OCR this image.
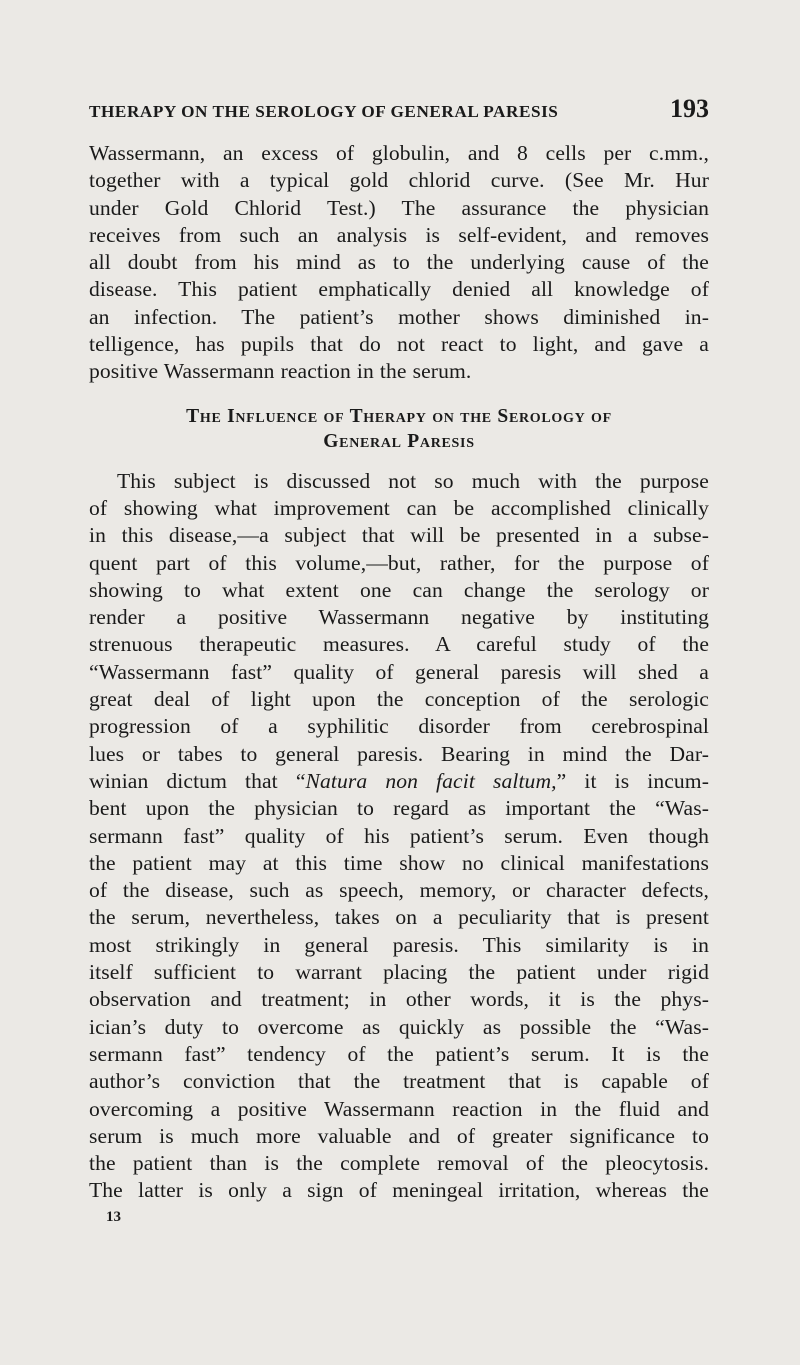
THERAPY ON THE SEROLOGY OF GENERAL PARESIS	193

Wassermann, an excess of globulin, and 8 cells per c.mm.,
together with a typical gold chlorid curve. (See Mr. Hur
under Gold Chlorid Test.) The assurance the physician
receives from such an analysis is self-evident, and removes
all doubt from his mind as to the underlying cause of the
disease. This patient emphatically denied all knowledge of
an infection. The patient’s mother shows diminished in-
telligence, has pupils that do not react to light, and gave a
positive Wassermann reaction in the serum.

The Influence of Therapy on the Serology of
General Paresis

This subject is discussed not so much with the purpose
of showing what improvement can be accomplished clinically
in this disease,—a subject that will be presented in a subse-
quent part of this volume,—but, rather, for the purpose of
showing to what extent one can change the serology or
render a positive Wassermann negative by instituting
strenuous therapeutic measures. A careful study of the
“Wassermann fast” quality of general paresis will shed a
great deal of light upon the conception of the serologic
progression of a syphilitic disorder from cerebrospinal
lues or tabes to general paresis. Bearing in mind the Dar-
winian dictum that “Natura non facit saltum,” it is incum-
bent upon the physician to regard as important the “Was-
sermann fast” quality of his patient’s serum. Even though
the patient may at this time show no clinical manifestations
of the disease, such as speech, memory, or character defects,
the serum, nevertheless, takes on a peculiarity that is present
most strikingly in general paresis. This similarity is in
itself sufficient to warrant placing the patient under rigid
observation and treatment; in other words, it is the phys-
ician’s duty to overcome as quickly as possible the “Was-
sermann fast” tendency of the patient’s serum. It is the
author’s conviction that the treatment that is capable of
overcoming a positive Wassermann reaction in the fluid and
serum is much more valuable and of greater significance to
the patient than is the complete removal of the pleocytosis.
The latter is only a sign of meningeal irritation, whereas the

13
